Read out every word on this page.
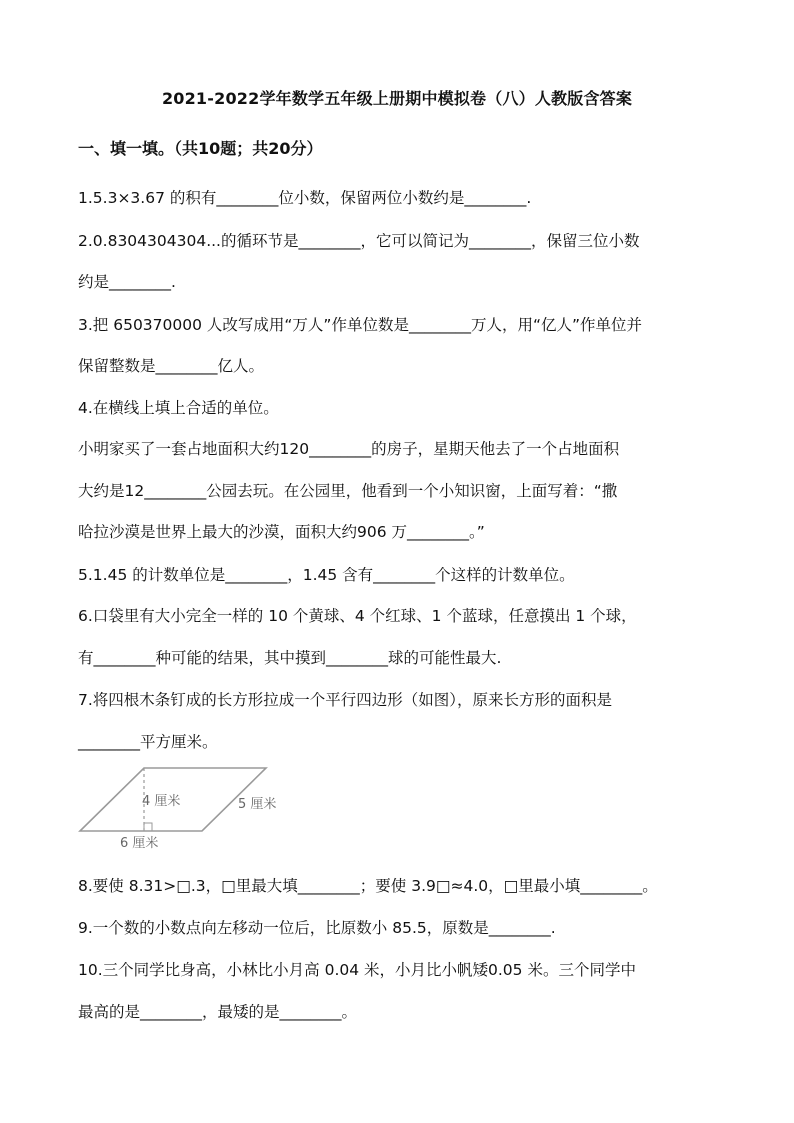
2021-2022学年数学五年级上册期中模拟卷（八）人教版含答案
一、填一填。（共10题；共20分）
1.5.3×3.67 的积有________位小数，保留两位小数约是________.
2.0.8304304304...的循环节是________，它可以简记为________，保留三位小数
约是________.
3.把 650370000 人改写成用“万人”作单位数是________万人，用“亿人”作单位并
保留整数是________亿人。
4.在横线上填上合适的单位。
小明家买了一套占地面积大约120________的房子，星期天他去了一个占地面积
大约是12________公园去玩。在公园里，他看到一个小知识窗，上面写着：“撒
哈拉沙漠是世界上最大的沙漠，面积大约906 万________。”
5.1.45 的计数单位是________，1.45 含有________个这样的计数单位。
6.口袋里有大小完全一样的 10 个黄球、4 个红球、1 个蓝球，任意摸出 1 个球，
有________种可能的结果，其中摸到________球的可能性最大.
7.将四根木条钉成的长方形拉成一个平行四边形（如图），原来长方形的面积是
________平方厘米。
4 厘米	5 厘米
6 厘米
8.要使 8.31>□.3，□里最大填________；要使 3.9□≈4.0，□里最小填________。
9.一个数的小数点向左移动一位后，比原数小 85.5，原数是________.
10.三个同学比身高，小林比小月高 0.04 米，小月比小帆矮0.05 米。三个同学中
最高的是________，最矮的是________。
